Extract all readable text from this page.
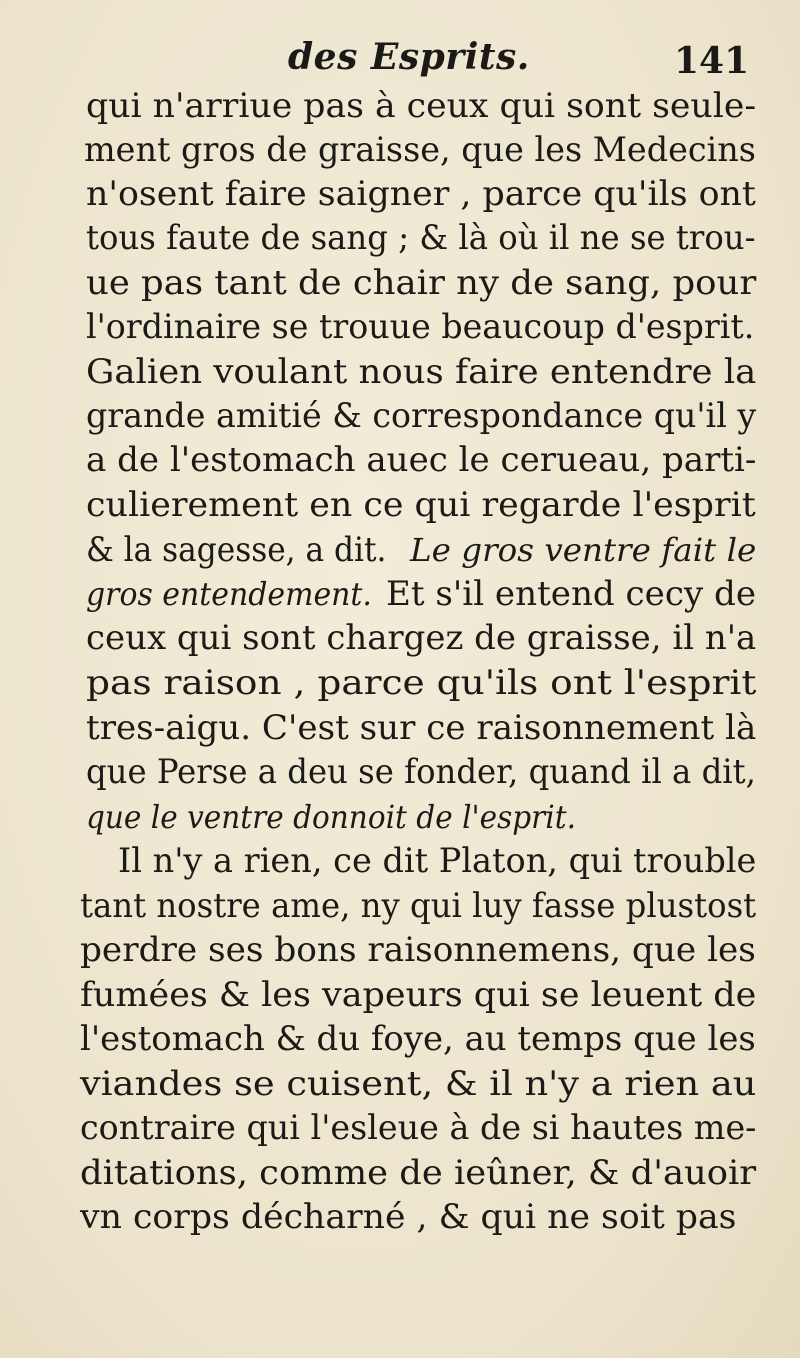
des Esprits.	141
qui n'arriue pas à ceux qui sont seule-
ment gros de graisse, que les Medecins
n'osent faire saigner , parce qu'ils ont
tous faute de sang ; & là où il ne se trou-
ue pas tant de chair ny de sang, pour
l'ordinaire se trouue beaucoup d'esprit.
Galien voulant nous faire entendre la
grande amitié & correspondance qu'il y
a de l'estomach auec le cerueau, parti-
culierement en ce qui regarde l'esprit
& la sagesse, a dit. Le gros ventre fait le
gros entendement. Et s'il entend cecy de
ceux qui sont chargez de graisse, il n'a
pas raison , parce qu'ils ont l'esprit
tres-aigu. C'est sur ce raisonnement là
que Perse a deu se fonder, quand il a dit,
que le ventre donnoit de l'esprit.
Il n'y a rien, ce dit Platon, qui trouble
tant nostre ame, ny qui luy fasse plustost
perdre ses bons raisonnemens, que les
fumées & les vapeurs qui se leuent de
l'estomach & du foye, au temps que les
viandes se cuisent, & il n'y a rien au
contraire qui l'esleue à de si hautes me-
ditations, comme de ieûner, & d'auoir
vn corps décharné , & qui ne soit pas
